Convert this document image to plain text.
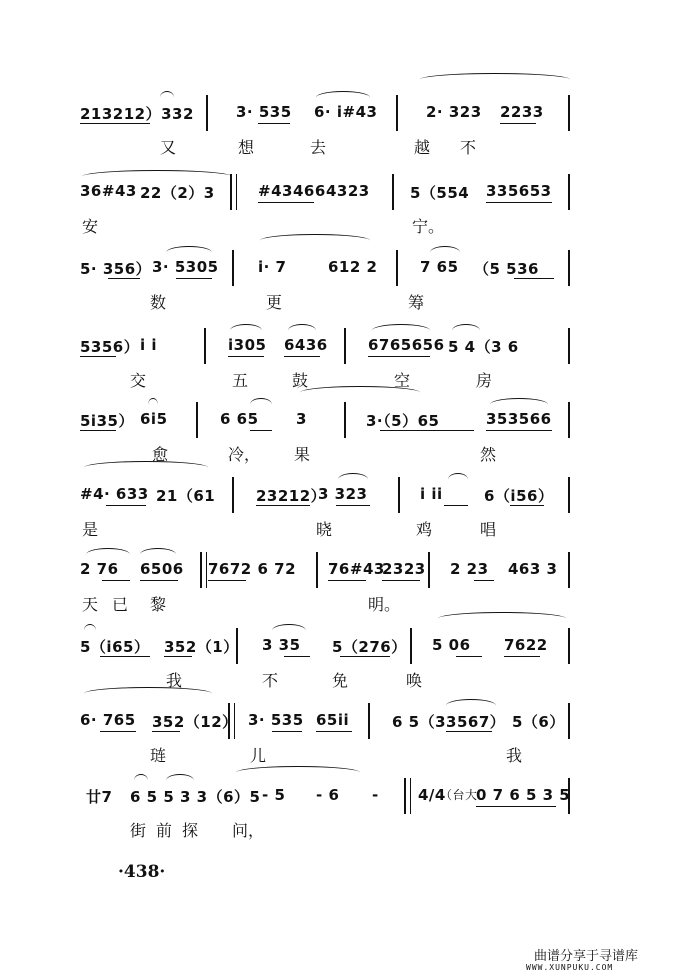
213212）332	3· 535 6· i#43	2· 323 2233
又	想	去	越 不
36#43 22（2）3	#43466 4323	5（554 335653
安	宁。
5· 356） 3· 5305	i· 7	612 2	7 65 （5 536
数	更	筹
5356） i i	i305 6436	6765656 5 4（3 6
交	五	鼓	空	房
5i35） 6i5	6 65 3	3·（5）65	353566
愈	冷， 果	然
#4· 633 21（61	23212）
3 323	i ii	6（i56）
是	晓	鸡	唱
2 76 6506 7672 6 72 76#43
2323 2 23 463 3
天 已 黎	明。
5（i65） 352（1） 3 35 5（276） 5 06 7622
我	不	免	唤
6· 765 352（12） 3· 535 65ii	6 5（33567） 5（6）
琏	儿	我
廿7 6 5 5 3 3（6）5 - 5 - 6 -	4/4
（台大
0 7 6 5 3 5
街 前 探 问，
·438·
曲谱分享于寻谱库
WWW.XUNPUKU.COM
